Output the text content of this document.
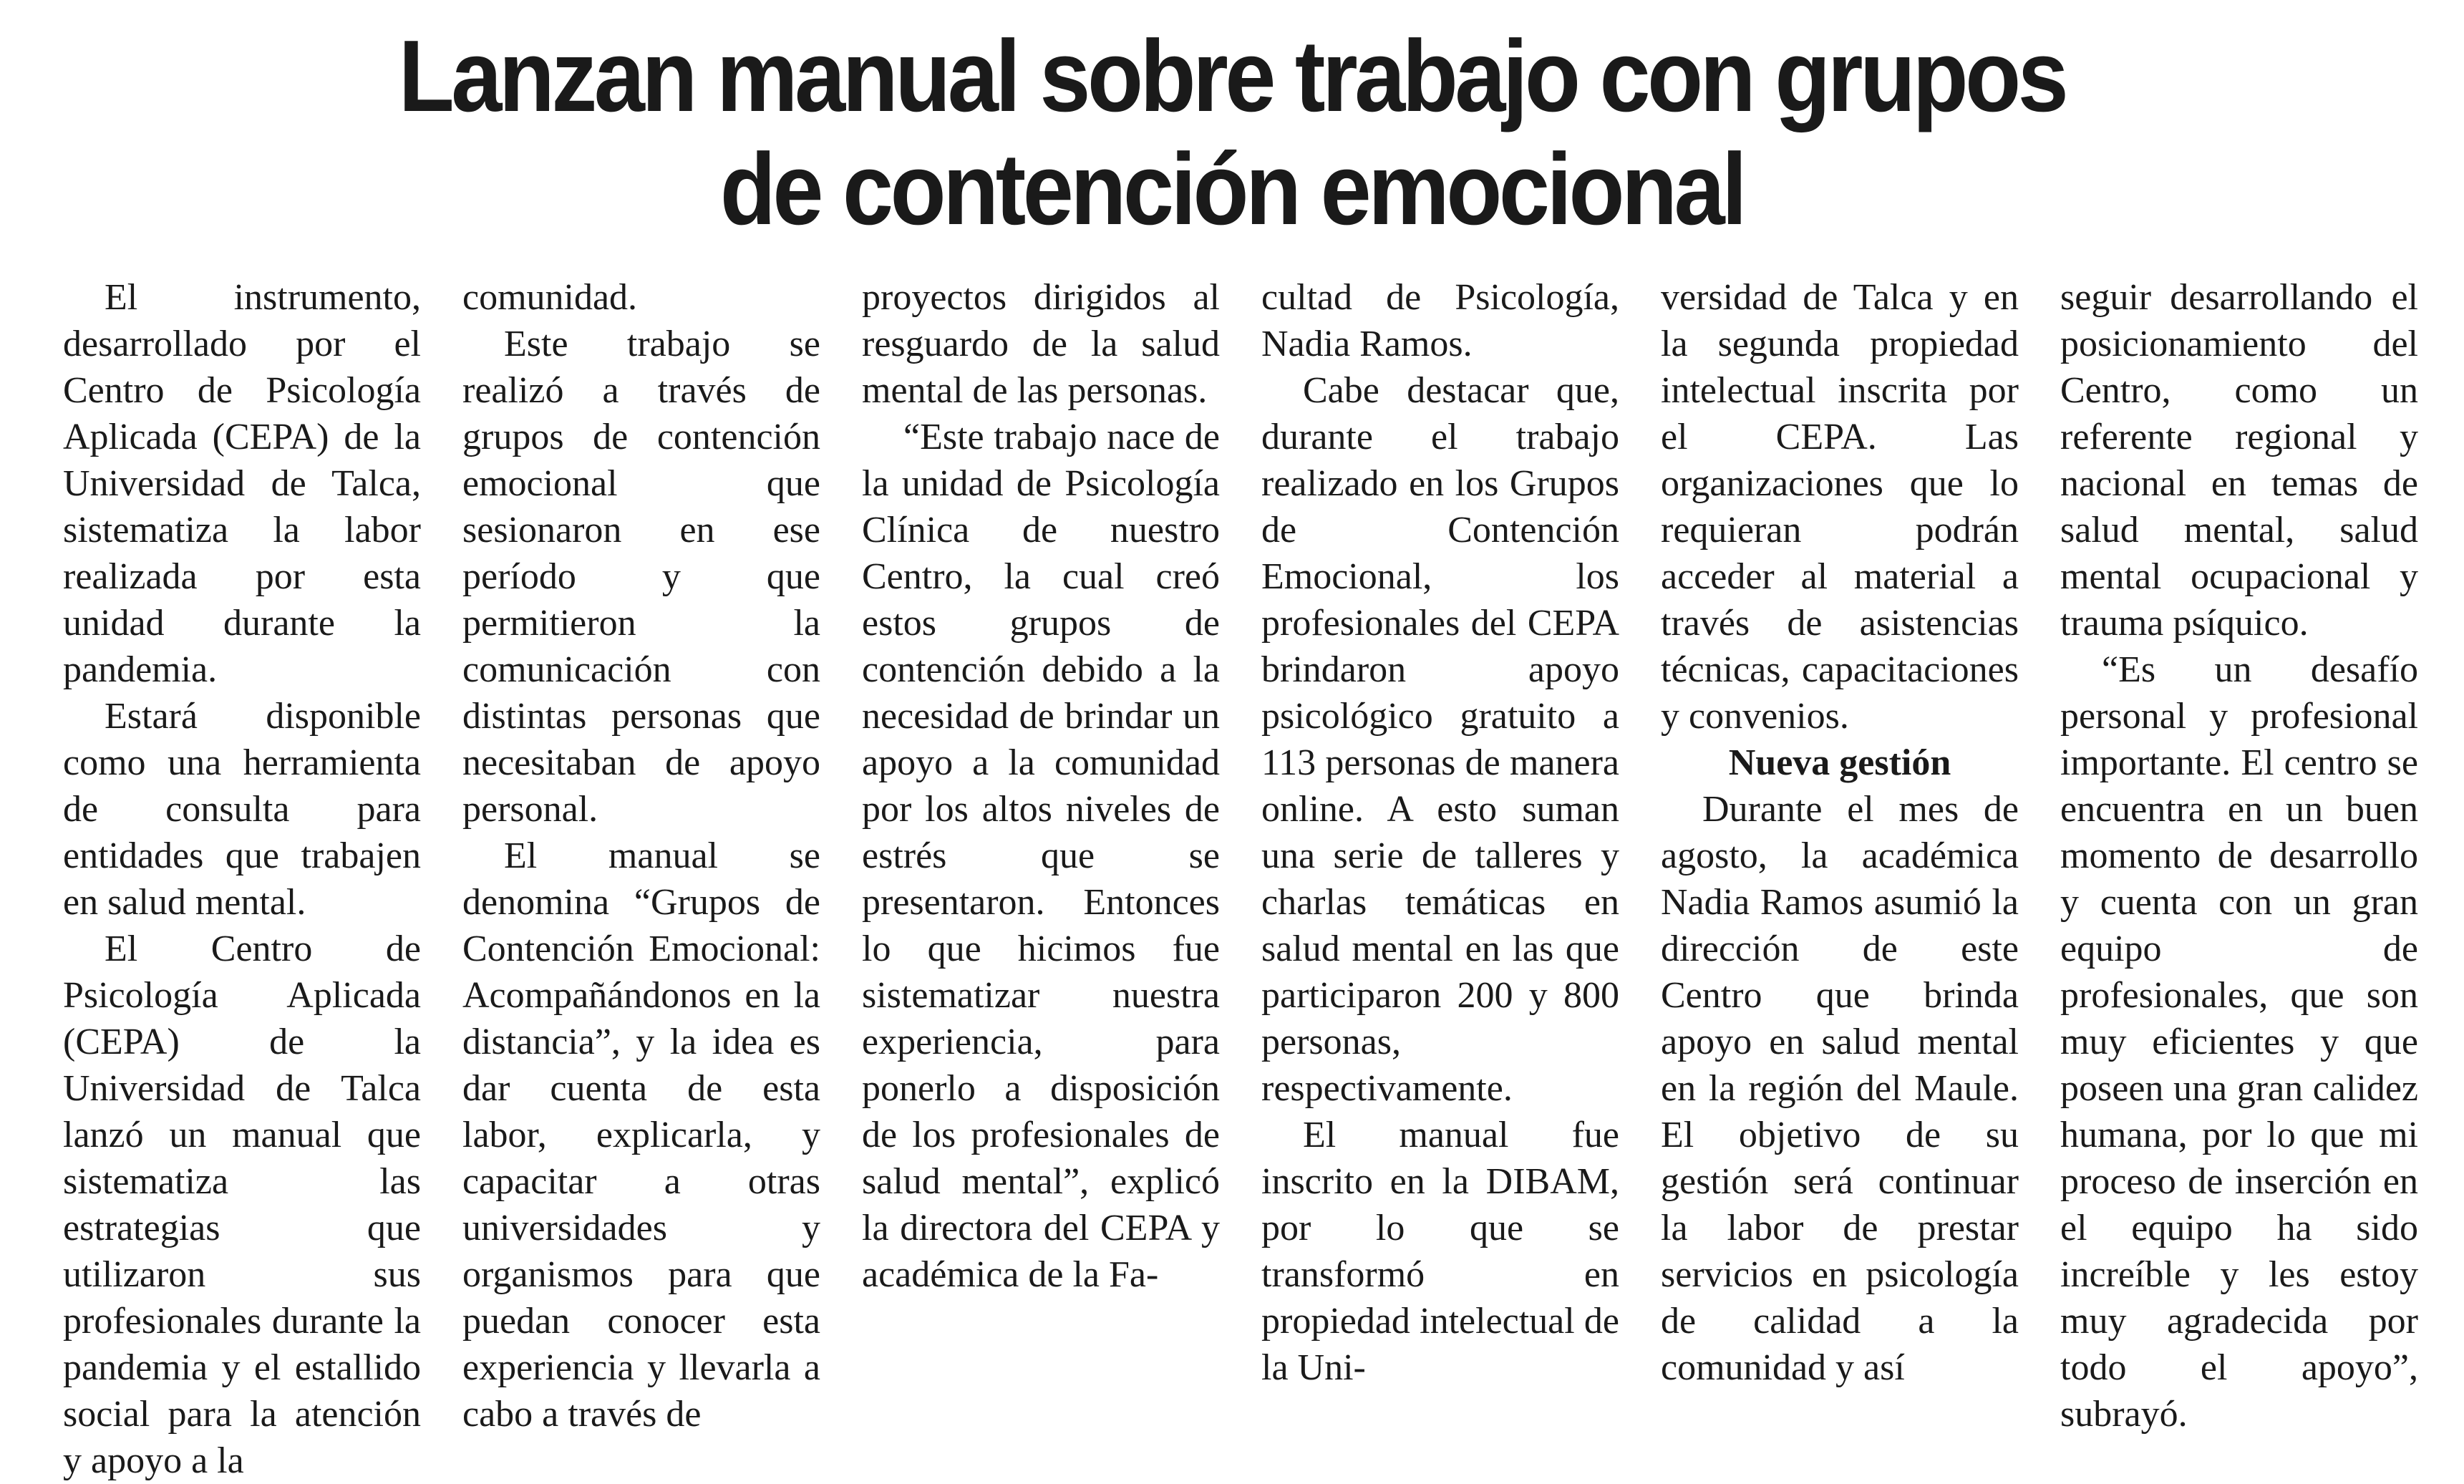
Lanzan manual sobre trabajo con grupos
de contención emocional

El instrumento, desarrollado por el Centro de Psicología Aplicada (CEPA) de la Universidad de Talca, sistematiza la labor realizada por esta unidad durante la pandemia.

Estará disponible como una herramienta de consulta para entidades que trabajen en salud mental.

El Centro de Psicología Aplicada (CEPA) de la Universidad de Talca lanzó un manual que sistematiza las estrategias que utilizaron sus profesionales durante la pandemia y el estallido social para la atención y apoyo a la

comunidad.

Este trabajo se realizó a través de grupos de contención emocional que sesionaron en ese período y que permitieron la comunicación con distintas personas que necesitaban de apoyo personal.

El manual se denomina “Grupos de Contención Emocional: Acompañándonos en la distancia”, y la idea es dar cuenta de esta labor, explicarla, y capacitar a otras universidades y organismos para que puedan conocer esta experiencia y llevarla a cabo a través de

proyectos dirigidos al resguardo de la salud mental de las personas.

“Este trabajo nace de la unidad de Psicología Clínica de nuestro Centro, la cual creó estos grupos de contención debido a la necesidad de brindar un apoyo a la comunidad por los altos niveles de estrés que se presentaron. Entonces lo que hicimos fue sistematizar nuestra experiencia, para ponerlo a disposición de los profesionales de salud mental”, explicó la directora del CEPA y académica de la Fa-

cultad de Psicología, Nadia Ramos.

Cabe destacar que, durante el trabajo realizado en los Grupos de Contención Emocional, los profesionales del CEPA brindaron apoyo psicológico gratuito a 113 personas de manera online. A esto suman una serie de talleres y charlas temáticas en salud mental en las que participaron 200 y 800 personas, respectivamente.

El manual fue inscrito en la DIBAM, por lo que se transformó en propiedad intelectual de la Uni-

versidad de Talca y en la segunda propiedad intelectual inscrita por el CEPA. Las organizaciones que lo requieran podrán acceder al material a través de asistencias técnicas, capacitaciones y convenios.

Nueva gestión

Durante el mes de agosto, la académica Nadia Ramos asumió la dirección de este Centro que brinda apoyo en salud mental en la región del Maule. El objetivo de su gestión será continuar la labor de prestar servicios en psicología de calidad a la comunidad y así

seguir desarrollando el posicionamiento del Centro, como un referente regional y nacional en temas de salud mental, salud mental ocupacional y trauma psíquico.

“Es un desafío personal y profesional importante. El centro se encuentra en un buen momento de desarrollo y cuenta con un gran equipo de profesionales, que son muy eficientes y que poseen una gran calidez humana, por lo que mi proceso de inserción en el equipo ha sido increíble y les estoy muy agradecida por todo el apoyo”, subrayó.
